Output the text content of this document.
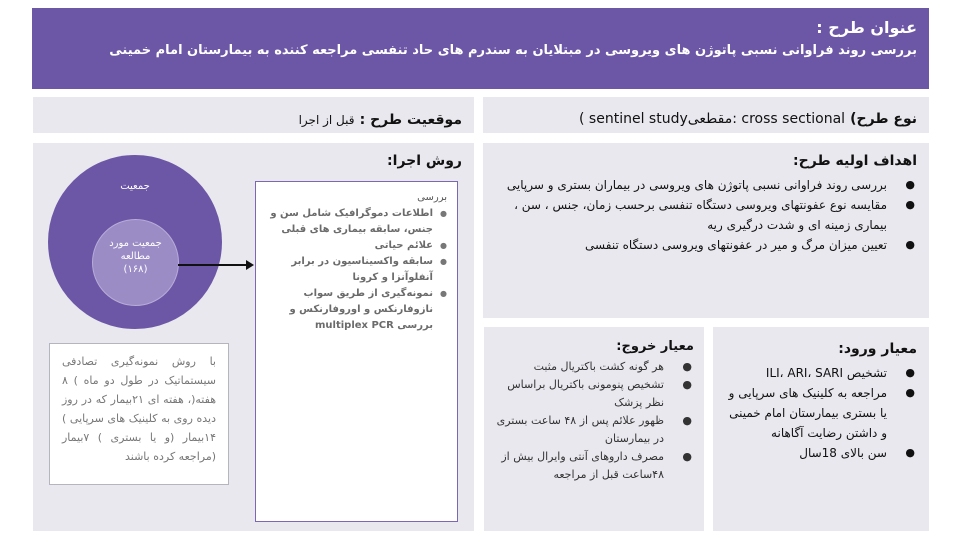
عنوان طرح :
بررسی روند فراوانی نسبی پاتوژن های ویروسی در مبتلایان به سندرم های حاد تنفسی مراجعه کننده به بیمارستان امام خمینی
موقعیت طرح : قبل از اجرا	نوع طرح) cross sectional :مقطعیsentinel study )
روش اجرا:
جمعیت
جمعیت مورد مطالعه
(۱۶۸)
بررسی
● اطلاعات دموگرافیک شامل سن و جنس، سابقه بیماری های قبلی
● علائم حیاتی
● سابقه واکسیناسیون در برابر آنفلوآنزا و کرونا
● نمونه‌گیری از طریق سواب نازوفارنکس و اوروفارنکس و بررسی multiplex PCR
با روش نمونه‌گیری تصادفی سیستماتیک در طول دو ماه ) ۸ هفته(، هفته ای ۲۱بیمار که در روز دیده روی به کلینیک های سرپایی ) ۱۴بیمار (و یا بستری ) ۷بیمار (مراجعه کرده باشند
اهداف اولیه طرح:
● بررسی روند فراوانی نسبی پاتوژن های ویروسی در بیماران بستری و سرپایی
● مقایسه نوع عفونتهای ویروسی دستگاه تنفسی برحسب زمان، جنس ، سن ، بیماری زمینه ای و شدت درگیری ریه
● تعیین میزان مرگ و میر در عفونتهای ویروسی دستگاه تنفسی
معیار خروج:
● هر گونه کشت باکتریال مثبت
● تشخیص پنومونی باکتریال براساس نظر پزشک
● ظهور علائم پس از ۴۸ ساعت بستری در بیمارستان
● مصرف داروهای آنتی وایرال بیش از ۴۸ساعت قبل از مراجعه
معیار ورود:
● تشخیص ILI، ARI، SARI
● مراجعه به کلینیک های سرپایی و یا بستری بیمارستان امام خمینی و داشتن رضایت آگاهانه
● سن بالای 18سال
